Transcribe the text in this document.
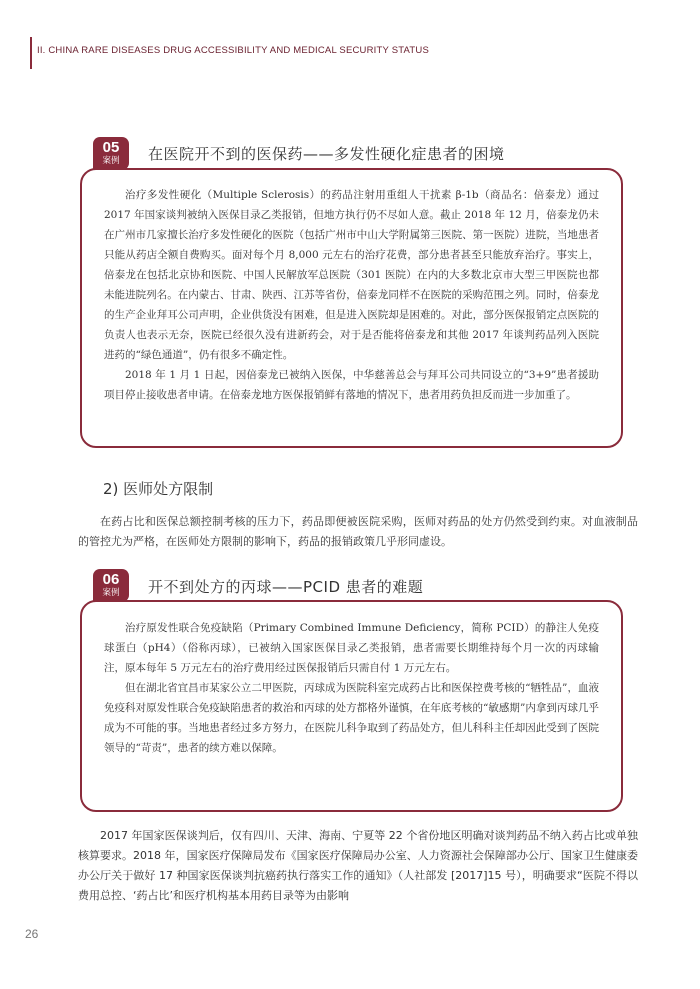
II. CHINA RARE DISEASES DRUG ACCESSIBILITY AND MEDICAL SECURITY STATUS
05
案例	在医院开不到的医保药——多发性硬化症患者的困境

治疗多发性硬化（Multiple Sclerosis）的药品注射用重组人干扰素 β-1b（商品名：倍泰龙）通过 2017 年国家谈判被纳入医保目录乙类报销，但地方执行仍不尽如人意。截止 2018 年 12 月，倍泰龙仍未在广州市几家擅长治疗多发性硬化的医院（包括广州市中山大学附属第三医院、第一医院）进院，当地患者只能从药店全额自费购买。面对每个月 8,000 元左右的治疗花费，部分患者甚至只能放弃治疗。事实上，倍泰龙在包括北京协和医院、中国人民解放军总医院（301 医院）在内的大多数北京市大型三甲医院也都未能进院列名。在内蒙古、甘肃、陕西、江苏等省份，倍泰龙同样不在医院的采购范围之列。同时，倍泰龙的生产企业拜耳公司声明，企业供货没有困难，但是进入医院却是困难的。对此，部分医保报销定点医院的负责人也表示无奈，医院已经很久没有进新药会，对于是否能将倍泰龙和其他 2017 年谈判药品列入医院进药的“绿色通道”，仍有很多不确定性。

2018 年 1 月 1 日起，因倍泰龙已被纳入医保，中华慈善总会与拜耳公司共同设立的“3+9”患者援助项目停止接收患者申请。在倍泰龙地方医保报销鲜有落地的情况下，患者用药负担反而进一步加重了。

2) 医师处方限制

在药占比和医保总额控制考核的压力下，药品即便被医院采购，医师对药品的处方仍然受到约束。对血液制品的管控尤为严格，在医师处方限制的影响下，药品的报销政策几乎形同虚设。

06
案例	开不到处方的丙球——PCID 患者的难题

治疗原发性联合免疫缺陷（Primary Combined Immune Deficiency，简称 PCID）的静注人免疫球蛋白（pH4）（俗称丙球），已被纳入国家医保目录乙类报销，患者需要长期维持每个月一次的丙球输注，原本每年 5 万元左右的治疗费用经过医保报销后只需自付 1 万元左右。

但在湖北省宜昌市某家公立二甲医院，丙球成为医院科室完成药占比和医保控费考核的“牺牲品”，血液免疫科对原发性联合免疫缺陷患者的救治和丙球的处方都格外谨慎，在年底考核的“敏感期”内拿到丙球几乎成为不可能的事。当地患者经过多方努力，在医院儿科争取到了药品处方，但儿科科主任却因此受到了医院领导的“苛责”，患者的续方难以保障。

2017 年国家医保谈判后，仅有四川、天津、海南、宁夏等 22 个省份地区明确对谈判药品不纳入药占比或单独核算要求。2018 年，国家医疗保障局发布《国家医疗保障局办公室、人力资源社会保障部办公厅、国家卫生健康委办公厅关于做好 17 种国家医保谈判抗癌药执行落实工作的通知》（人社部发 [2017]15 号），明确要求“医院不得以费用总控、‘药占比’和医疗机构基本用药目录等为由影响

26
